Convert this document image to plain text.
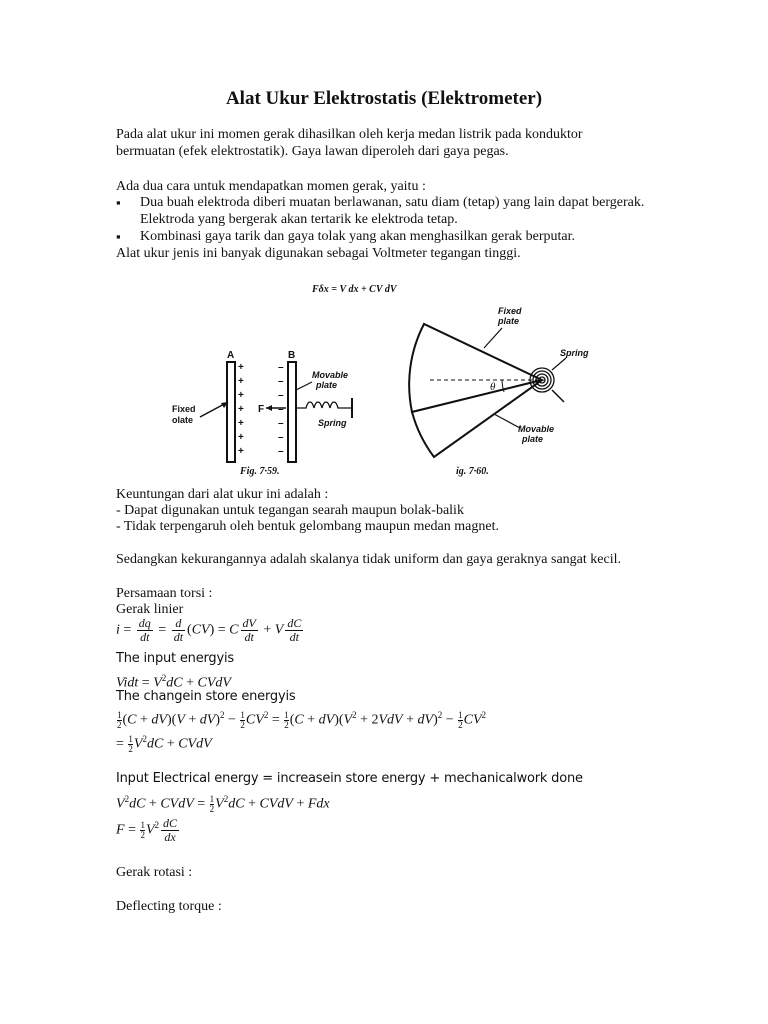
Alat Ukur Elektrostatis (Elektrometer)
Pada alat ukur ini momen gerak dihasilkan oleh kerja medan listrik pada konduktor
bermuatan (efek elektrostatik). Gaya lawan diperoleh dari gaya pegas.
Ada dua cara untuk mendapatkan momen gerak, yaitu :
▪ Dua buah elektroda diberi muatan berlawanan, satu diam (tetap) yang lain dapat bergerak. Elektroda yang bergerak akan tertarik ke elektroda tetap.
▪ Kombinasi gaya tarik dan gaya tolak yang akan menghasilkan gerak berputar.
Alat ukur jenis ini banyak digunakan sebagai Voltmeter tegangan tinggi.
Fδx = V dx + CV dV
A	B
+
+
+
+
+
+
+
–
–
–
–
–
–
–
Fixed
olate
Movable
plate
F
Spring
Fig. 7·59.
θ
Fixed
plate
Spring
Movable
plate
ig. 7·60.
Keuntungan dari alat ukur ini adalah :
- Dapat digunakan untuk tegangan searah maupun bolak-balik
- Tidak terpengaruh oleh bentuk gelombang maupun medan magnet.
Sedangkan kekurangannya adalah skalanya tidak uniform dan gaya geraknya sangat kecil.
Persamaan torsi :
Gerak linier
$i = \frac{dq}{dt} = \frac{d}{dt} (CV) = C \frac{dV}{dt} + V \frac{dC}{dt}$
The input energyis
Vidt = $V^2dC$ + CVdV
The changein store energyis
$\frac{1}{2}(C + dV)(V + dV)^2 - \frac{1}{2}CV^2 = \frac{1}{2}(C + dV)(V^2 + 2VdV + dV)^2 - \frac{1}{2}CV^2$
= $\frac{1}{2}V^2dC$ + CVdV
Input Electrical energy = increasein store energy + mechanicalwork done
$V^2dC$ + CVdV = $\frac{1}{2}V^2dC$ + CVdV + Fdx
$F = \frac{1}{2}V^2 \frac{dC}{dx}$
Gerak rotasi :
Deflecting torque :
